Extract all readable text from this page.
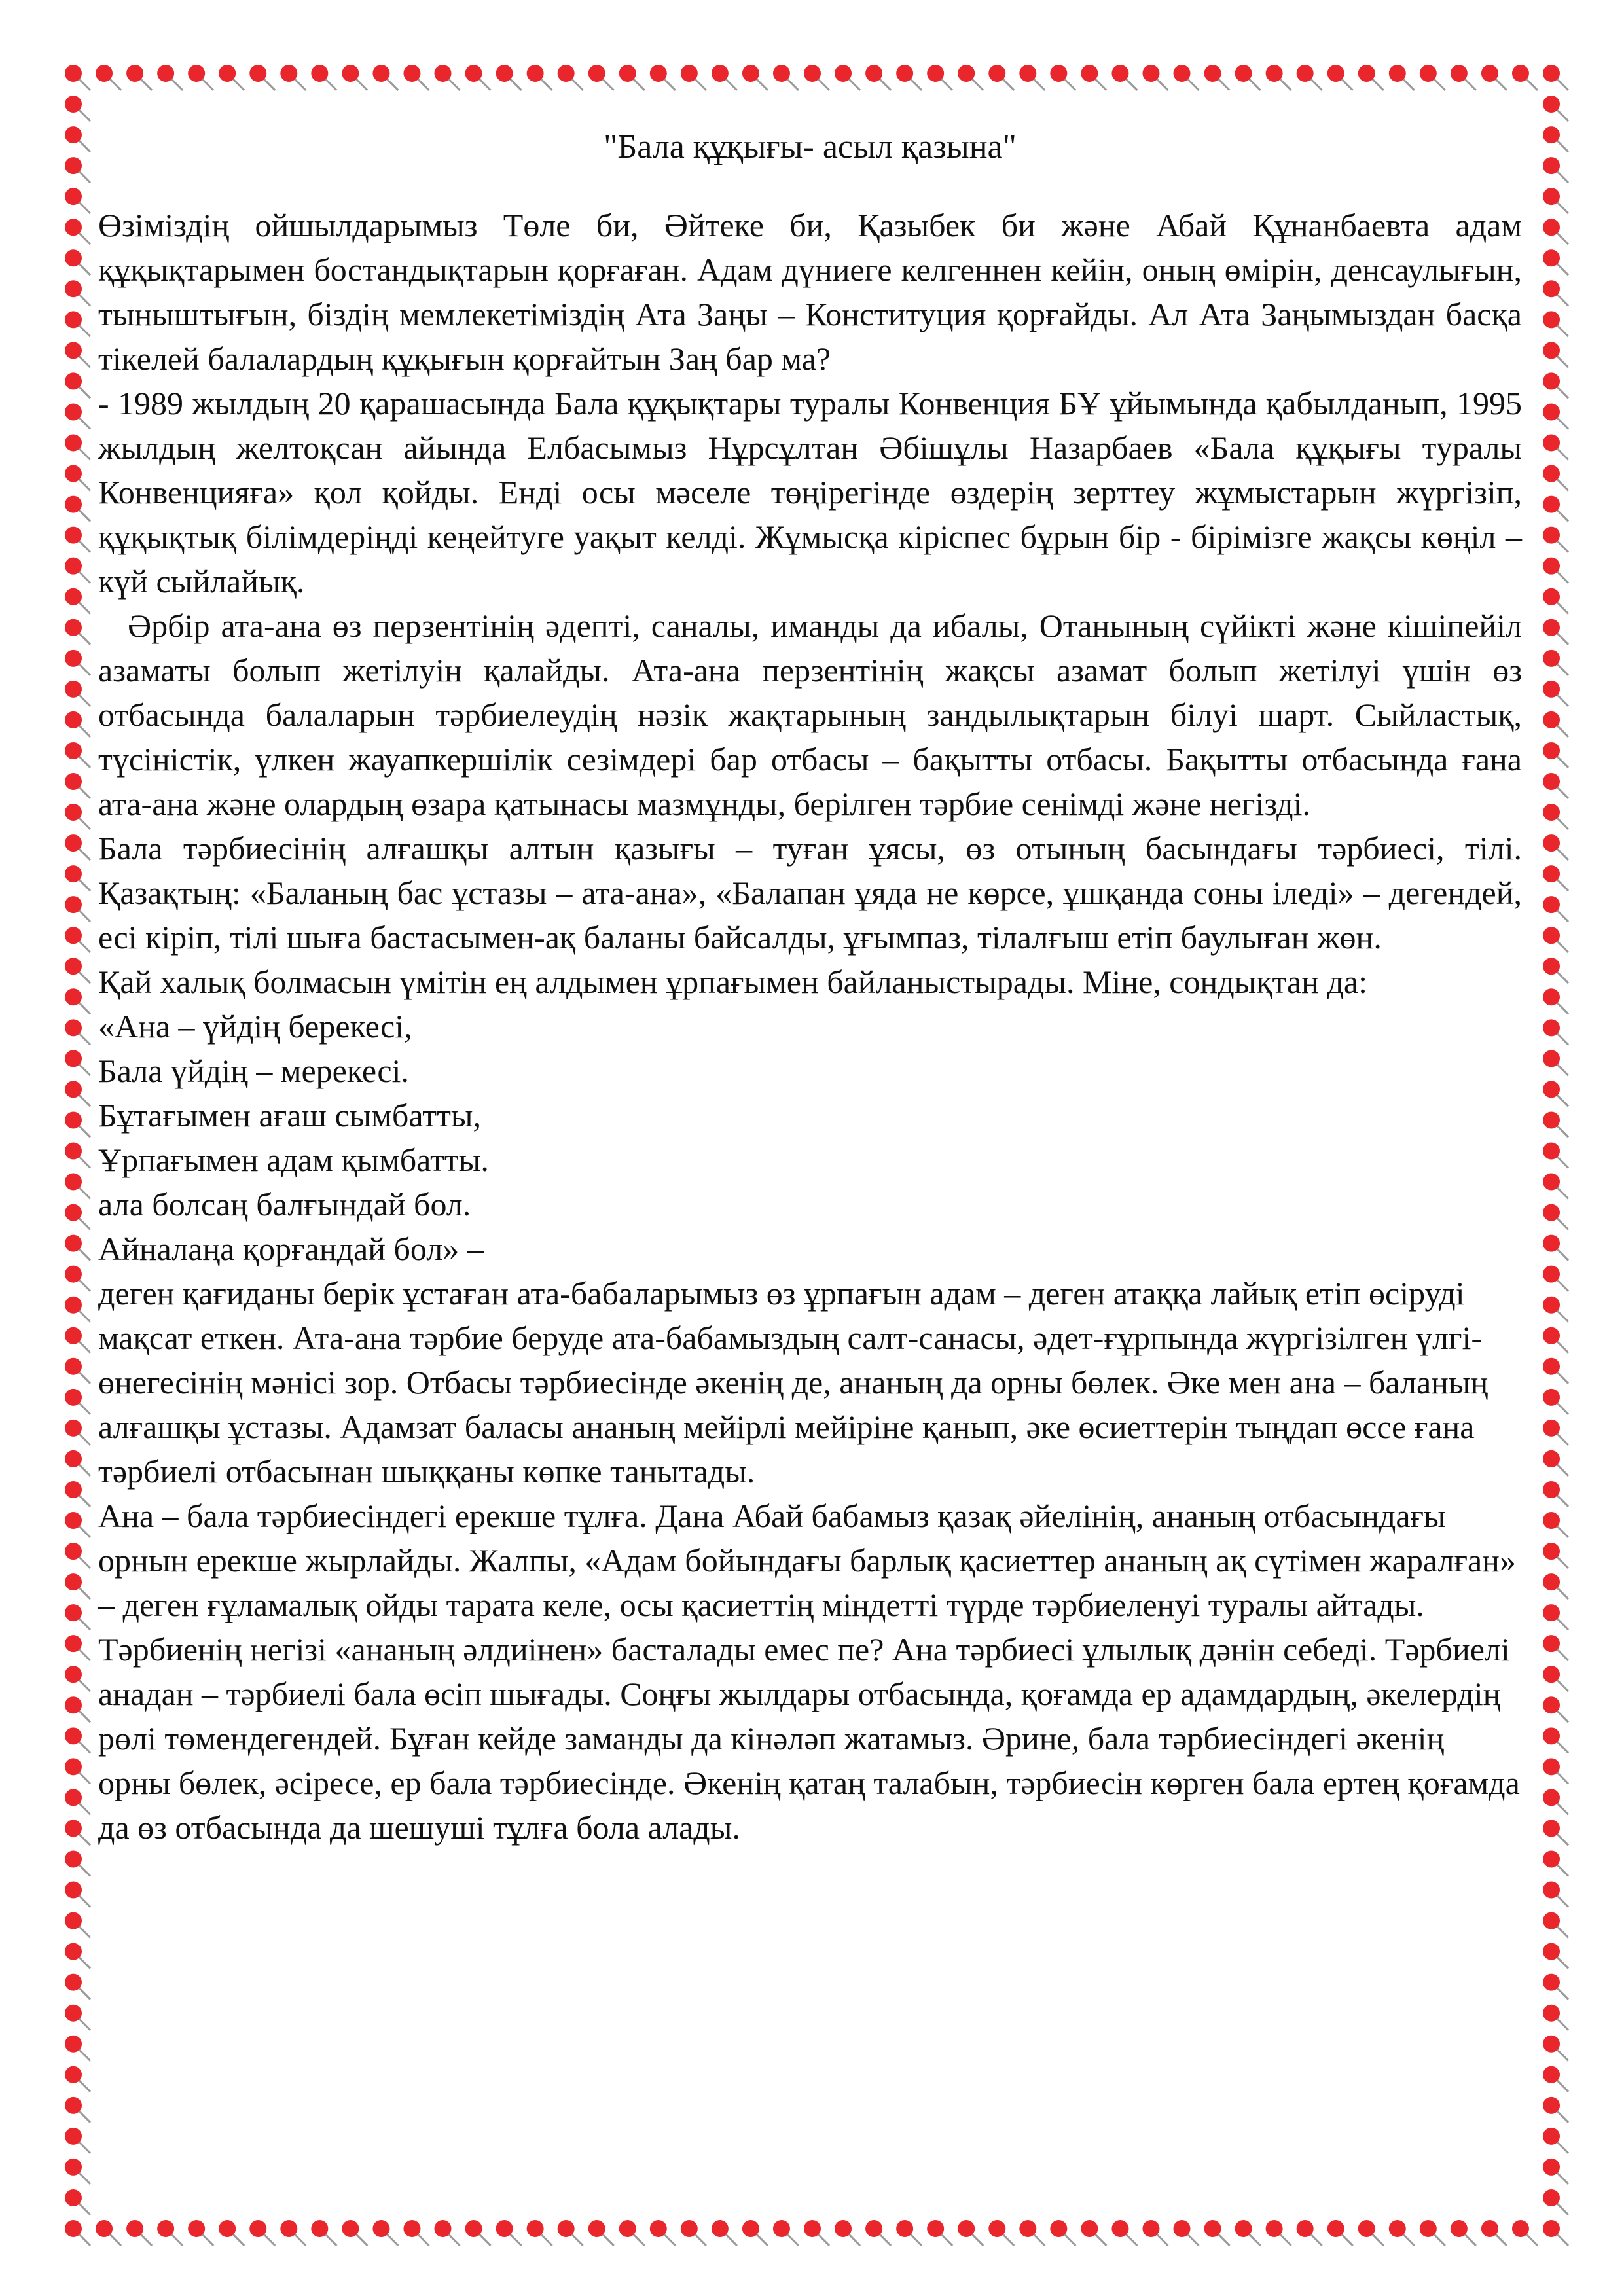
"Бала құқығы- асыл қазына"

Өзіміздің ойшылдарымыз Төле би, Әйтеке би, Қазыбек би және Абай Құнанбаевта адам құқықтарымен бостандықтарын қорғаған. Адам дүниеге келгеннен кейін, оның өмірін, денсаулығын, тыныштығын, біздің мемлекетіміздің Ата Заңы – Конституция қорғайды. Ал Ата Заңымыздан басқа тікелей балалардың құқығын қорғайтын Заң бар ма?

- 1989 жылдың 20 қарашасында Бала құқықтары туралы Конвенция БҰ ұйымында қабылданып, 1995 жылдың желтоқсан айында Елбасымыз Нұрсұлтан Әбішұлы Назарбаев «Бала құқығы туралы Конвенцияға» қол қойды. Енді осы мәселе төңірегінде өздерің зерттеу жұмыстарын жүргізіп, құқықтық білімдеріңді кеңейтуге уақыт келді. Жұмысқа кіріспес бұрын бір - бірімізге жақсы көңіл – күй сыйлайық.

Әрбір ата-ана өз перзентінің әдепті, саналы, иманды да ибалы, Отанының сүйікті және кішіпейіл азаматы болып жетілуін қалайды. Ата-ана перзентінің жақсы азамат болып жетілуі үшін өз отбасында балаларын тәрбиелеудің нәзік жақтарының зандылықтарын білуі шарт. Сыйластық, түсіністік, үлкен жауапкершілік сезімдері бар отбасы – бақытты отбасы. Бақытты отбасында ғана ата-ана және олардың өзара қатынасы мазмұнды, берілген тәрбие сенімді және негізді.

Бала тәрбиесінің алғашқы алтын қазығы – туған ұясы, өз отының басындағы тәрбиесі, тілі. Қазақтың: «Баланың бас ұстазы – ата-ана», «Балапан ұяда не көрсе, ұшқанда соны іледі» – дегендей, есі кіріп, тілі шыға бастасымен-ақ баланы байсалды, ұғымпаз, тілалғыш етіп баулыған жөн.

Қай халық болмасын үмітін ең алдымен ұрпағымен байланыстырады. Міне, сондықтан да:

«Ана – үйдің берекесі,

Бала үйдің – мерекесі.

Бұтағымен ағаш сымбатты,

Ұрпағымен адам қымбатты.

ала болсаң балғындай бол.

Айналаңа қорғандай бол» –

деген қағиданы берік ұстаған ата-бабаларымыз өз ұрпағын адам – деген атаққа лайық етіп өсіруді мақсат еткен. Ата-ана тәрбие беруде ата-бабамыздың салт-санасы, әдет-ғұрпында жүргізілген үлгі-өнегесінің мәнісі зор. Отбасы тәрбиесінде әкенің де, ананың да орны бөлек. Әке мен ана – баланың алғашқы ұстазы. Адамзат баласы ананың мейірлі мейіріне қанып, әке өсиеттерін тыңдап өссе ғана тәрбиелі отбасынан шыққаны көпке танытады.

Ана – бала тәрбиесіндегі ерекше тұлға. Дана Абай бабамыз қазақ әйелінің, ананың отбасындағы орнын ерекше жырлайды. Жалпы, «Адам бойындағы барлық қасиеттер ананың ақ сүтімен жаралған» – деген ғұламалық ойды тарата келе, осы қасиеттің міндетті түрде тәрбиеленуі туралы айтады.

Тәрбиенің негізі «ананың әлдиінен» басталады емес пе? Ана тәрбиесі ұлылық дәнін себеді. Тәрбиелі анадан – тәрбиелі бала өсіп шығады. Соңғы жылдары отбасында, қоғамда ер адамдардың, әкелердің рөлі төмендегендей. Бұған кейде заманды да кінәләп жатамыз. Әрине, бала тәрбиесіндегі әкенің орны бөлек, әсіресе, ер бала тәрбиесінде. Әкенің қатаң талабын, тәрбиесін көрген бала ертең қоғамда да өз отбасында да шешуші тұлға бола алады.
